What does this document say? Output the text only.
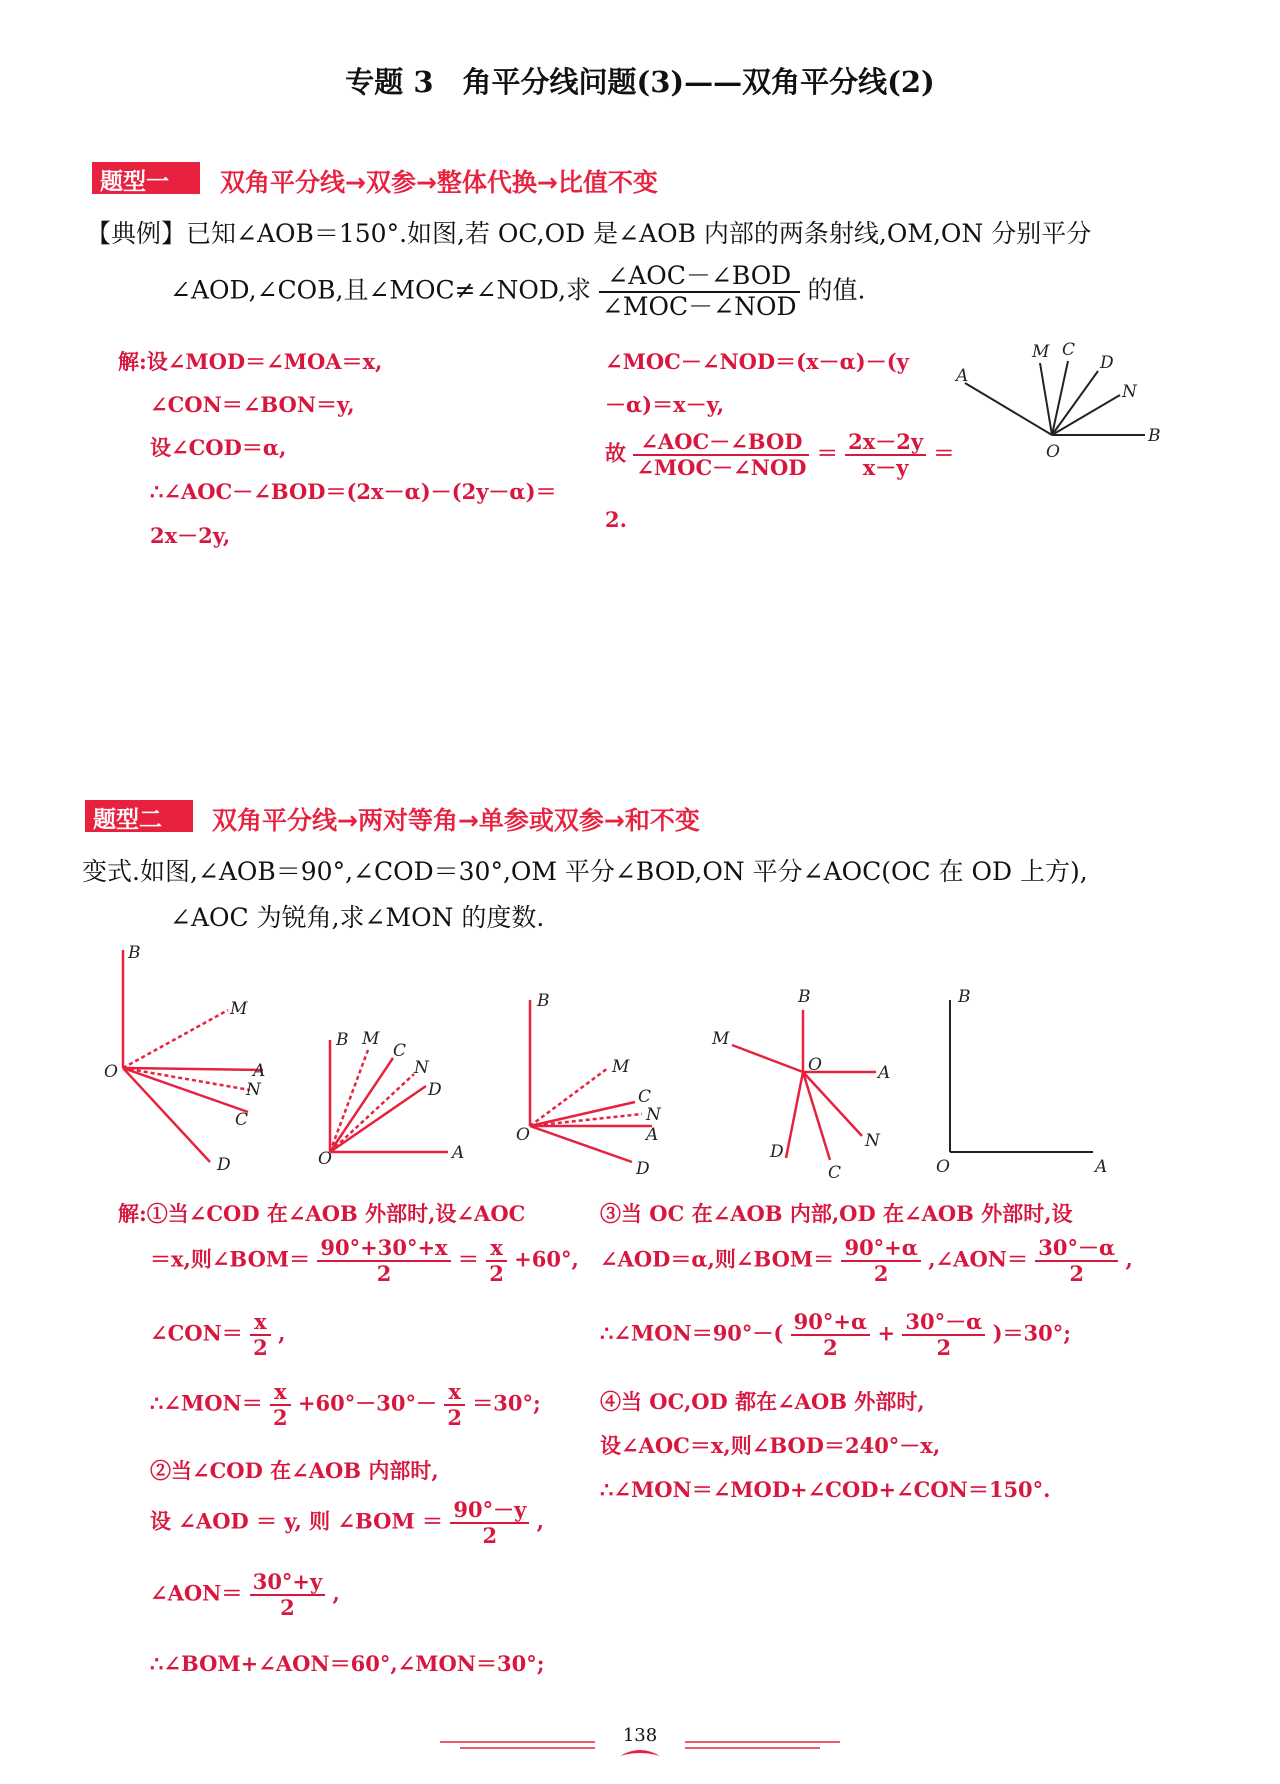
专题 3　角平分线问题(3)——双角平分线(2)
题型一	双角平分线→双参→整体代换→比值不变
【典例】已知∠AOB＝150°.如图,若 OC,OD 是∠AOB 内部的两条射线,OM,ON 分别平分
∠AOD,∠COB,且∠MOC≠∠NOD,求 $\frac{\text{∠AOC－∠BOD}}{\text{∠MOC－∠NOD}}$ 的值.
解:设∠MOD＝∠MOA＝x,
∠CON＝∠BON＝y,
设∠COD＝α,
∴∠AOC－∠BOD＝(2x－α)－(2y－α)＝
2x－2y,
∠MOC－∠NOD＝(x－α)－(y
－α)＝x－y,
故 $\frac{\text{∠AOC－∠BOD}}{\text{∠MOC－∠NOD}} = \frac{2x-2y}{x-y}$ ＝
2.
A
M C
D
N
B
O
题型二	双角平分线→两对等角→单参或双参→和不变
变式.如图,∠AOB＝90°,∠COD＝30°,OM 平分∠BOD,ON 平分∠AOC(OC 在 OD 上方),
∠AOC 为锐角,求∠MON 的度数.
B
M
A
N
C
D
O
B M
C
N
D
A
O
B
M
C
N
A
D
O
B
M
O	A
N
D
C
B
O	A
解:①当∠COD 在∠AOB 外部时,设∠AOC
＝x,则∠BOM＝ $\frac{90^\circ+30^\circ+x}{2} = \frac{x}{2} +60^\circ$,
∠CON＝ $\frac{x}{2}$ ,
∴∠MON＝ $\frac{x}{2} +60^\circ-30^\circ- \frac{x}{2} =30^\circ$;
②当∠COD 在∠AOB 内部时,
设 ∠AOD ＝ y, 则 ∠BOM ＝ $\frac{90^\circ-y}{2}$ ,
∠AON＝ $\frac{30^\circ+y}{2}$ ,
∴∠BOM+∠AON＝60°,∠MON＝30°;
③当 OC 在∠AOB 内部,OD 在∠AOB 外部时,设
∠AOD＝α,则∠BOM＝ $\frac{90^\circ+\alpha}{2}$ ,∠AON＝ $\frac{30^\circ-\alpha}{2}$ ,
∴∠MON＝90°－( $\frac{90^\circ+\alpha}{2} + \frac{30^\circ-\alpha}{2} )=30^\circ$;
④当 OC,OD 都在∠AOB 外部时,
设∠AOC＝x,则∠BOD＝240°－x,
∴∠MON＝∠MOD+∠COD+∠CON＝150°.
138
